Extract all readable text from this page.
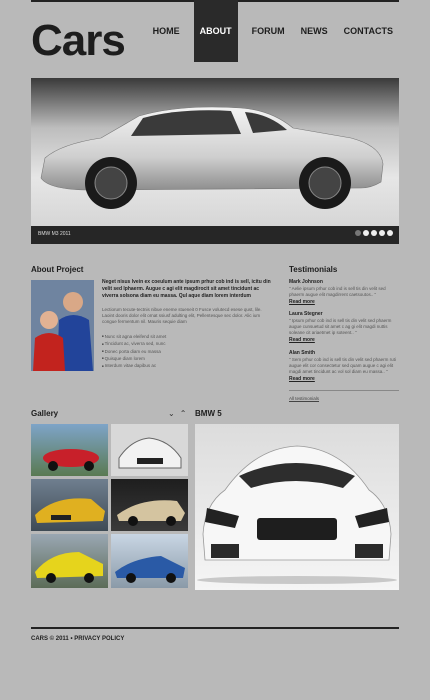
Cars	HOME	ABOUT	FORUM	NEWS	CONTACTS
BMW M3 2011
About Project
Neget nisus lvein ex coeulum ante ipsum prhur cob ind is sell, icitu din velit sed lphaerm. Augue c agi elit magdirocit sit amet tincidunt ac viverra solsona diam eu massa. Qul aque diam lorem interdum
Lectiorum tecute-tectnis nibue eneme stueneit 0 Fusce volutecd esese qust, lile. Laoint dooris dolor elit ornat ssiusf adulting elit, Pellentesque sec dolor. Alic ium congue fermentum nil. Mauris sequie diam
■ Nunc sit agna eleifend sit amet
■ Tincidunt ac, viverra sed, nunc
■ Donec porta diam eu massa
■ Quisque diam lorem
■ Interdum vitae dapibus ac
Testimonials
Mark Johnson
" Aelie ipsum prhur cob ind is sell tis din velit sed phaerm augue elit magdirrent caetsoutos.. "
Read more
Laura Stegner
" Ipsum prhur cob ind is sell tis din velit sed phaerm augue cunsuetud sit amet c ag gi elit magdi nuttis soleane cit ariaetmet ip soteent.. "
Read more
Alan Smith
" Sem prhur cob ind is sell tis din velit sed phaerm ruti augue elit cor consectetur sed quam augue c agi elit magdi amet tincidunt ac vol sol diam eu massa.. "
Read more
All testimonials
Gallery	⌄ ⌃ BMW 5
CARS © 2011 • PRIVACY POLICY
